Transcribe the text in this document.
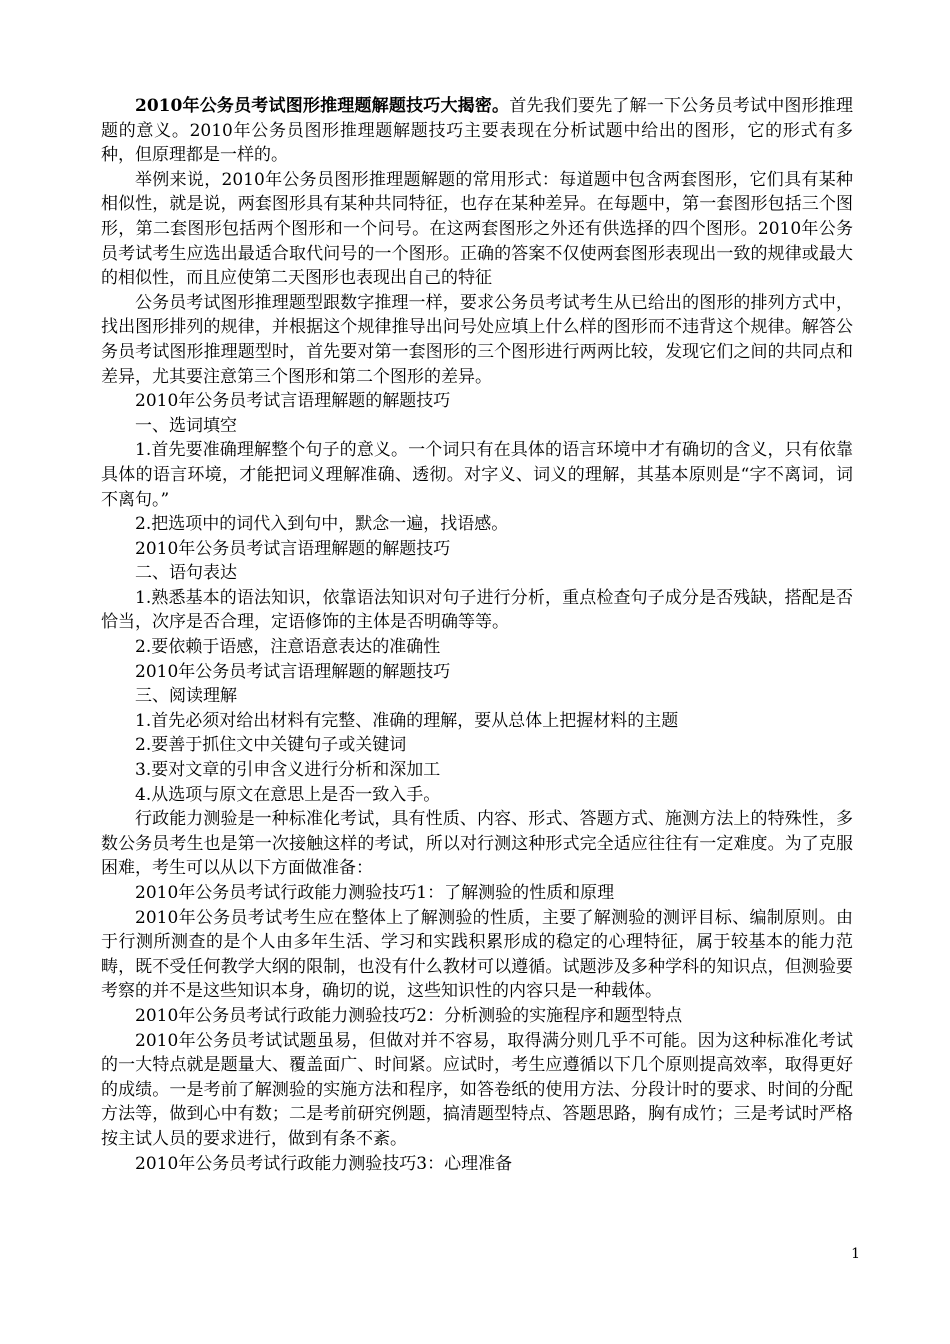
2010年公务员考试图形推理题解题技巧大揭密。首先我们要先了解一下公务员考试中图形推理题的意义。2010年公务员图形推理题解题技巧主要表现在分析试题中给出的图形，它的形式有多种，但原理都是一样的。

举例来说，2010年公务员图形推理题解题的常用形式：每道题中包含两套图形，它们具有某种相似性，就是说，两套图形具有某种共同特征，也存在某种差异。在每题中，第一套图形包括三个图形，第二套图形包括两个图形和一个问号。在这两套图形之外还有供选择的四个图形。2010年公务员考试考生应选出最适合取代问号的一个图形。正确的答案不仅使两套图形表现出一致的规律或最大的相似性，而且应使第二天图形也表现出自己的特征

公务员考试图形推理题型跟数字推理一样，要求公务员考试考生从已给出的图形的排列方式中，找出图形排列的规律，并根据这个规律推导出问号处应填上什么样的图形而不违背这个规律。解答公务员考试图形推理题型时，首先要对第一套图形的三个图形进行两两比较，发现它们之间的共同点和差异，尤其要注意第三个图形和第二个图形的差异。

2010年公务员考试言语理解题的解题技巧

一、选词填空

1.首先要准确理解整个句子的意义。一个词只有在具体的语言环境中才有确切的含义，只有依靠具体的语言环境，才能把词义理解准确、透彻。对字义、词义的理解，其基本原则是“字不离词，词不离句。”

2.把选项中的词代入到句中，默念一遍，找语感。

2010年公务员考试言语理解题的解题技巧

二、语句表达

1.熟悉基本的语法知识，依靠语法知识对句子进行分析，重点检查句子成分是否残缺，搭配是否恰当，次序是否合理，定语修饰的主体是否明确等等。

2.要依赖于语感，注意语意表达的准确性

2010年公务员考试言语理解题的解题技巧

三、阅读理解

1.首先必须对给出材料有完整、准确的理解，要从总体上把握材料的主题

2.要善于抓住文中关键句子或关键词

3.要对文章的引申含义进行分析和深加工

4.从选项与原文在意思上是否一致入手。

行政能力测验是一种标准化考试，具有性质、内容、形式、答题方式、施测方法上的特殊性，多数公务员考生也是第一次接触这样的考试，所以对行测这种形式完全适应往往有一定难度。为了克服困难，考生可以从以下方面做准备：

2010年公务员考试行政能力测验技巧1：了解测验的性质和原理

2010年公务员考试考生应在整体上了解测验的性质，主要了解测验的测评目标、编制原则。由于行测所测查的是个人由多年生活、学习和实践积累形成的稳定的心理特征，属于较基本的能力范畴，既不受任何教学大纲的限制，也没有什么教材可以遵循。试题涉及多种学科的知识点，但测验要考察的并不是这些知识本身，确切的说，这些知识性的内容只是一种载体。

2010年公务员考试行政能力测验技巧2：分析测验的实施程序和题型特点

2010年公务员考试试题虽易，但做对并不容易，取得满分则几乎不可能。因为这种标准化考试的一大特点就是题量大、覆盖面广、时间紧。应试时，考生应遵循以下几个原则提高效率，取得更好的成绩。一是考前了解测验的实施方法和程序，如答卷纸的使用方法、分段计时的要求、时间的分配方法等，做到心中有数；二是考前研究例题，搞清题型特点、答题思路，胸有成竹；三是考试时严格按主试人员的要求进行，做到有条不紊。

2010年公务员考试行政能力测验技巧3：心理准备

1
